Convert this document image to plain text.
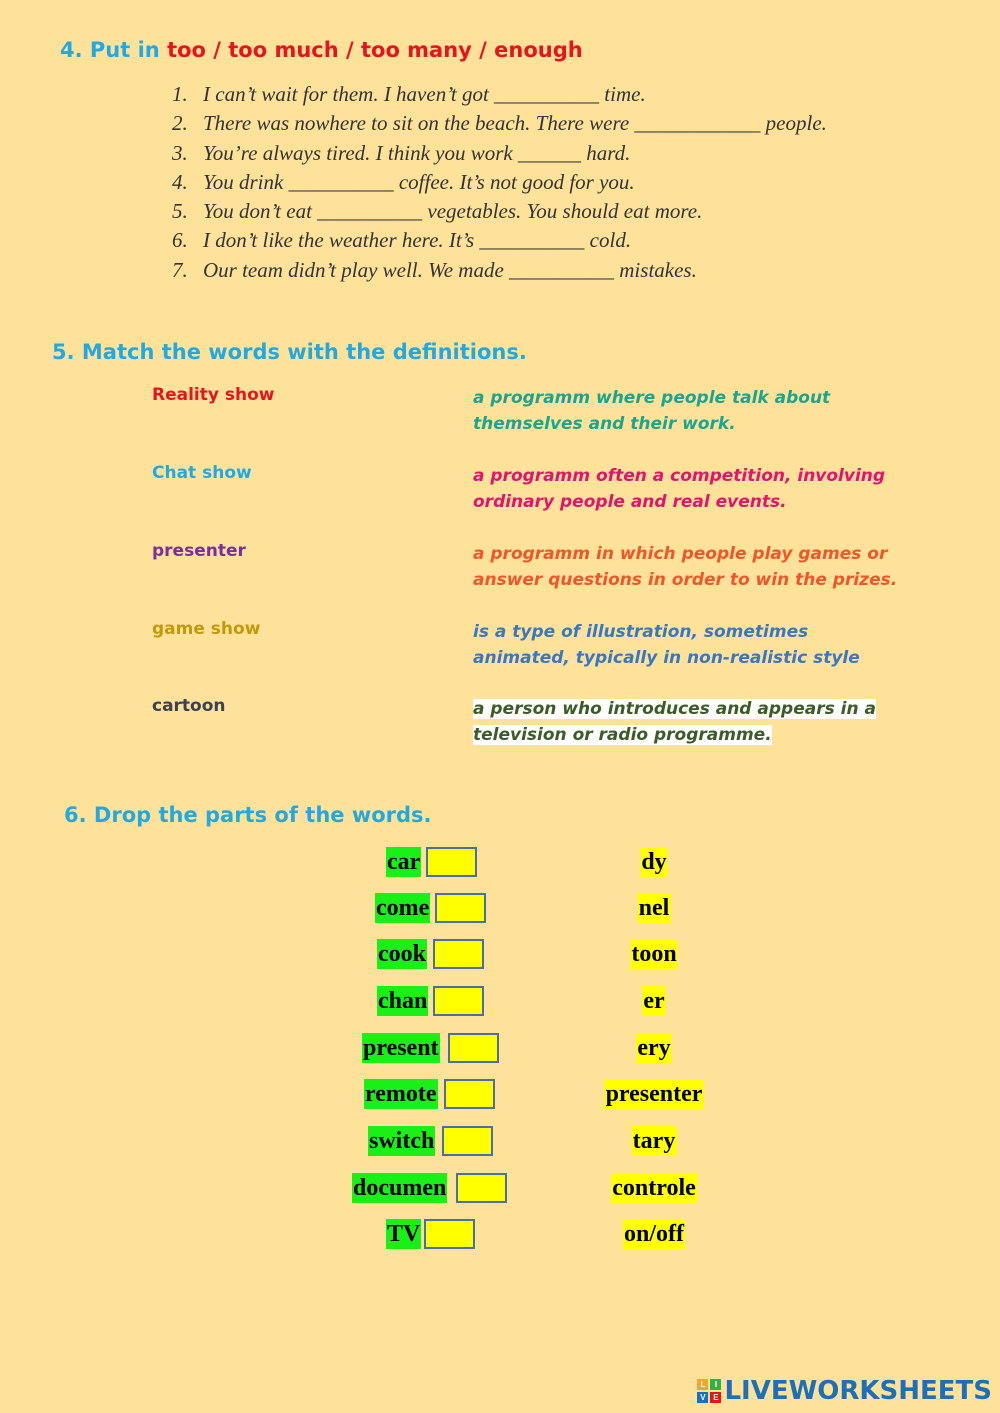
4. Put in too / too much / too many / enough
1. I can’t wait for them. I haven’t got __________ time.
2. There was nowhere to sit on the beach. There were ____________ people.
3. You’re always tired. I think you work ______ hard.
4. You drink __________ coffee. It’s not good for you.
5. You don’t eat __________ vegetables. You should eat more.
6. I don’t like the weather here. It’s __________ cold.
7. Our team didn’t play well. We made __________ mistakes.
5. Match the words with the definitions.
Reality show	a programm where people talk about
themselves and their work.
Chat show	a programm often a competition, involving
ordinary people and real events.
presenter	a programm in which people play games or
answer questions in order to win the prizes.
game show	is a type of illustration, sometimes
animated, typically in non-realistic style
cartoon	a person who introduces and appears in a
television or radio programme.
6. Drop the parts of the words.
car	dy
come	nel
cook	toon
chan	er
present	ery
remote	presenter
switch	tary
documen	controle
TV	on/off
L	I
V E LIVEWORKSHEETS
